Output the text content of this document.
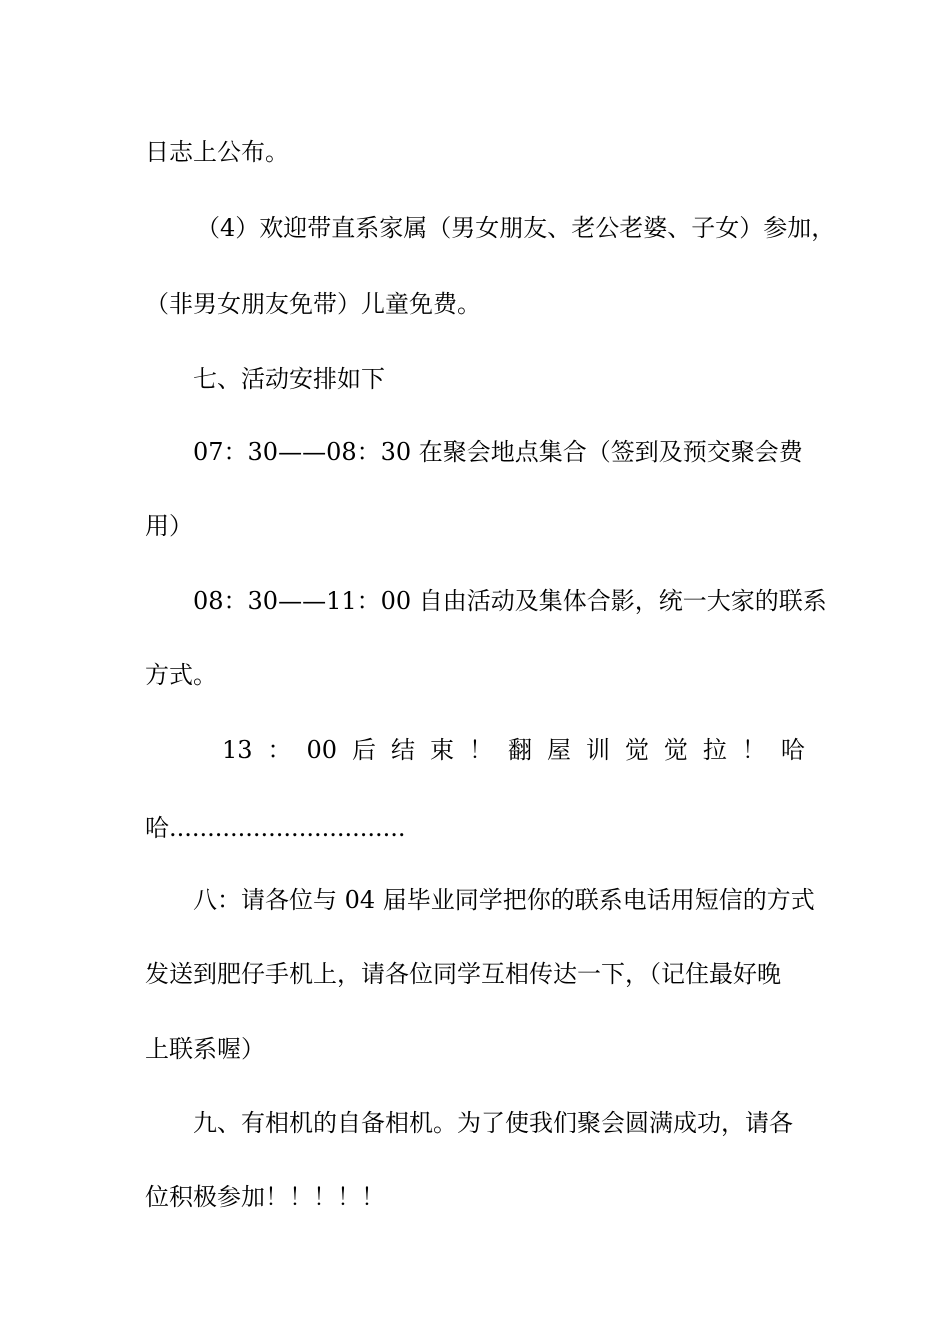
日志上公布。
（4）欢迎带直系家属（男女朋友、老公老婆、子女）参加，
（非男女朋友免带）儿童免费。
七、活动安排如下
07：30——08：30 在聚会地点集合（签到及预交聚会费
用）
08：30——11：00 自由活动及集体合影，统一大家的联系
方式。
13 ： 00 后 结 束 ！ 翻 屋 训 觉 觉 拉 ！ 哈
哈...............................
八：请各位与 04 届毕业同学把你的联系电话用短信的方式
发送到肥仔手机上，请各位同学互相传达一下，（记住最好晚
上联系喔）
九、有相机的自备相机。为了使我们聚会圆满成功，请各
位积极参加！！！！！
